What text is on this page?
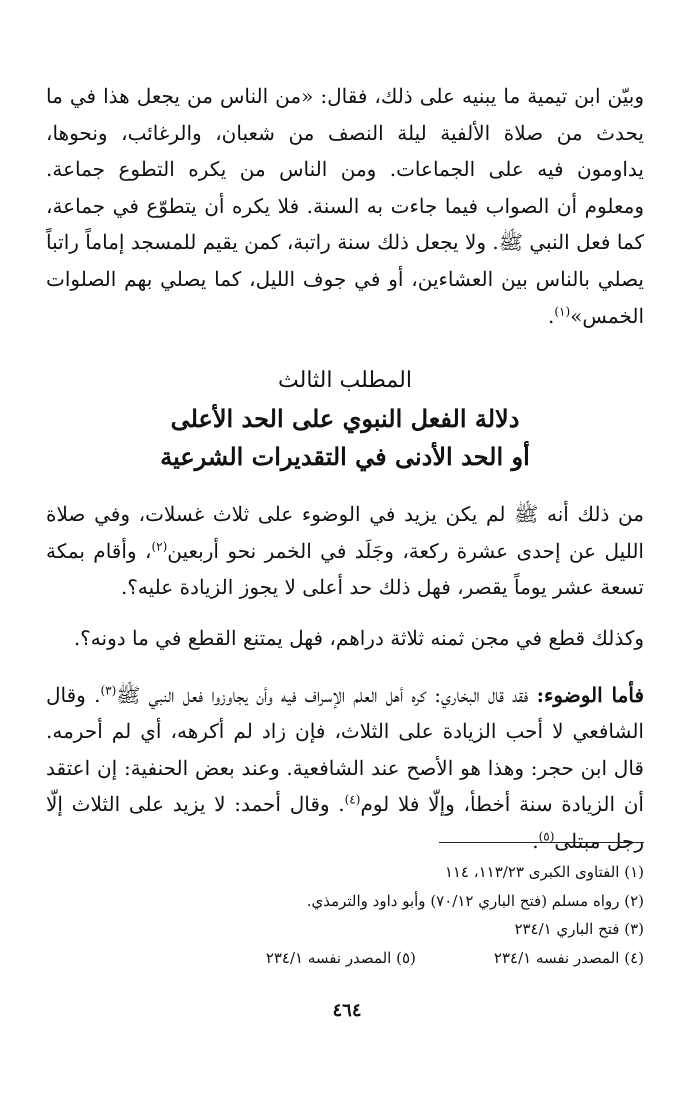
وبيّن ابن تيمية ما يبنيه على ذلك، فقال: «من الناس من يجعل هذا في ما يحدث من صلاة الألفية ليلة النصف من شعبان، والرغائب، ونحوها، يداومون فيه على الجماعات. ومن الناس من يكره التطوع جماعة. ومعلوم أن الصواب فيما جاءت به السنة. فلا يكره أن يتطوّع في جماعة، كما فعل النبي ﷺ. ولا يجعل ذلك سنة راتبة، كمن يقيم للمسجد إماماً راتباً يصلي بالناس بين العشاءين، أو في جوف الليل، كما يصلي بهم الصلوات الخمس»$^{(١)}$.

المطلب الثالث
دلالة الفعل النبوي على الحد الأعلى
أو الحد الأدنى في التقديرات الشرعية

من ذلك أنه ﷺ لم يكن يزيد في الوضوء على ثلاث غسلات، وفي صلاة الليل عن إحدى عشرة ركعة، وجَلَد في الخمر نحو أربعين$^{(٢)}$، وأقام بمكة تسعة عشر يوماً يقصر، فهل ذلك حد أعلى لا يجوز الزيادة عليه؟.

وكذلك قطع في مجن ثمنه ثلاثة دراهم، فهل يمتنع القطع في ما دونه؟.

فأما الوضوء: فقد قال البخاري: كره أهل العلم الإسراف فيه وأن يجاوزوا فعل النبي ﷺ$^{(٣)}$. وقال الشافعي لا أحب الزيادة على الثلاث، فإن زاد لم أكرهه، أي لم أحرمه. قال ابن حجر: وهذا هو الأصح عند الشافعية. وعند بعض الحنفية: إن اعتقد أن الزيادة سنة أخطأ، وإلّا فلا لوم$^{(٤)}$. وقال أحمد: لا يزيد على الثلاث إلّا رجل مبتلى$^{(٥)}$.

(١) الفتاوى الكبرى ١١٣/٢٣، ١١٤
(٢) رواه مسلم (فتح الباري ٧٠/١٢) وأبو داود والترمذي.
(٣) فتح الباري ٢٣٤/١
(٤) المصدر نفسه ٢٣٤/١
(٥) المصدر نفسه ٢٣٤/١
٤٦٤
